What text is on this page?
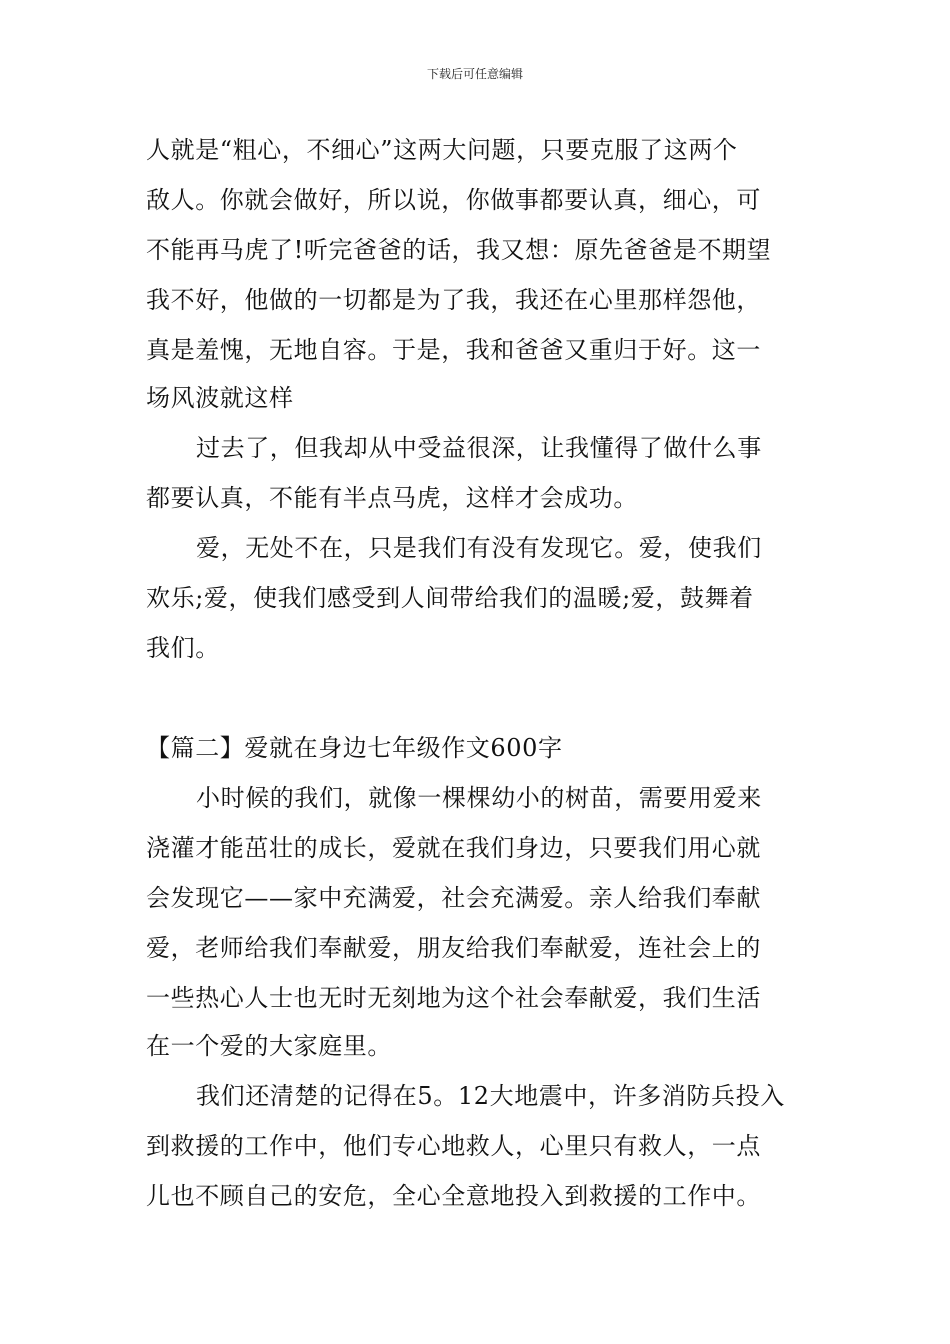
下载后可任意编辑
人就是“粗心，不细心”这两大问题，只要克服了这两个
敌人。你就会做好，所以说，你做事都要认真，细心，可
不能再马虎了!听完爸爸的话，我又想：原先爸爸是不期望
我不好，他做的一切都是为了我，我还在心里那样怨他，
真是羞愧，无地自容。于是，我和爸爸又重归于好。这一
场风波就这样
过去了，但我却从中受益很深，让我懂得了做什么事
都要认真，不能有半点马虎，这样才会成功。
爱，无处不在，只是我们有没有发现它。爱，使我们
欢乐;爱，使我们感受到人间带给我们的温暖;爱，鼓舞着
我们。
【篇二】爱就在身边七年级作文600字
小时候的我们，就像一棵棵幼小的树苗，需要用爱来
浇灌才能茁壮的成长，爱就在我们身边，只要我们用心就
会发现它——家中充满爱，社会充满爱。亲人给我们奉献
爱，老师给我们奉献爱，朋友给我们奉献爱，连社会上的
一些热心人士也无时无刻地为这个社会奉献爱，我们生活
在一个爱的大家庭里。
我们还清楚的记得在5。12大地震中，许多消防兵投入
到救援的工作中，他们专心地救人，心里只有救人，一点
儿也不顾自己的安危，全心全意地投入到救援的工作中。
